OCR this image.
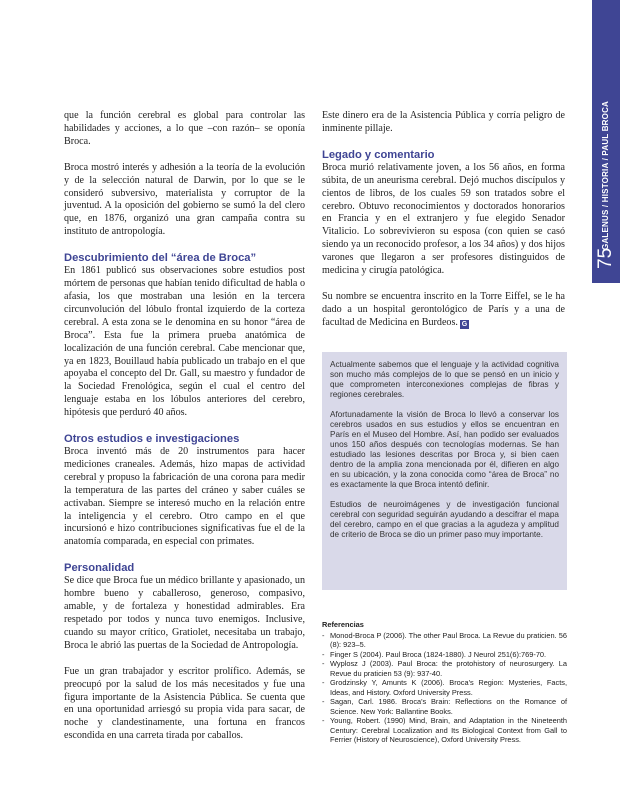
GALENUS / HISTORIA / PAUL BROCA
75

que la función cerebral es global para controlar las habilidades y acciones, a lo que –con razón– se oponía Broca.

Broca mostró interés y adhesión a la teoría de la evolución y de la selección natural de Darwin, por lo que se le consideró subversivo, materialista y corruptor de la juventud. A la oposición del gobierno se sumó la del clero que, en 1876, organizó una gran campaña contra su instituto de antropología.

Descubrimiento del “área de Broca”

En 1861 publicó sus observaciones sobre estudios post mórtem de personas que habían tenido dificultad de habla o afasia, los que mostraban una lesión en la tercera circunvolución del lóbulo frontal izquierdo de la corteza cerebral. A esta zona se le denomina en su honor “área de Broca”. Esta fue la primera prueba anatómica de localización de una función cerebral. Cabe mencionar que, ya en 1823, Bouillaud había publicado un trabajo en el que apoyaba el concepto del Dr. Gall, su maestro y fundador de la Sociedad Frenológica, según el cual el centro del lenguaje estaba en los lóbulos anteriores del cerebro, hipótesis que perduró 40 años.

Otros estudios e investigaciones

Broca inventó más de 20 instrumentos para hacer mediciones craneales. Además, hizo mapas de actividad cerebral y propuso la fabricación de una corona para medir la temperatura de las partes del cráneo y saber cuáles se activaban. Siempre se interesó mucho en la relación entre la inteligencia y el cerebro. Otro campo en el que incursionó e hizo contribuciones significativas fue el de la anatomía comparada, en especial con primates.

Personalidad

Se dice que Broca fue un médico brillante y apasionado, un hombre bueno y caballeroso, generoso, compasivo, amable, y de fortaleza y honestidad admirables. Era respetado por todos y nunca tuvo enemigos. Inclusive, cuando su mayor crítico, Gratiolet, necesitaba un trabajo, Broca le abrió las puertas de la Sociedad de Antropología.

Fue un gran trabajador y escritor prolífico. Además, se preocupó por la salud de los más necesitados y fue una figura importante de la Asistencia Pública. Se cuenta que en una oportunidad arriesgó su propia vida para sacar, de noche y clandestinamente, una fortuna en francos escondida en una carreta tirada por caballos.

Este dinero era de la Asistencia Pública y corría peligro de inminente pillaje.

Legado y comentario

Broca murió relativamente joven, a los 56 años, en forma súbita, de un aneurisma cerebral. Dejó muchos discípulos y cientos de libros, de los cuales 59 son tratados sobre el cerebro. Obtuvo reconocimientos y doctorados honorarios en Francia y en el extranjero y fue elegido Senador Vitalicio. Lo sobrevivieron su esposa (con quien se casó siendo ya un reconocido profesor, a los 34 años) y dos hijos varones que llegaron a ser profesores distinguidos de medicina y cirugía patológica.

Su nombre se encuentra inscrito en la Torre Eiffel, se le ha dado a un hospital gerontológico de París y a una de facultad de Medicina en Burdeos. G

Actualmente sabemos que el lenguaje y la actividad cognitiva son mucho más complejos de lo que se pensó en un inicio y que comprometen interconexiones complejas de fibras y regiones cerebrales.

Afortunadamente la visión de Broca lo llevó a conservar los cerebros usados en sus estudios y ellos se encuentran en París en el Museo del Hombre. Así, han podido ser evaluados unos 150 años después con tecnologías modernas. Se han estudiado las lesiones descritas por Broca y, si bien caen dentro de la amplia zona mencionada por él, difieren en algo en su ubicación, y la zona conocida como “área de Broca” no es exactamente la que Broca intentó definir.

Estudios de neuroimágenes y de investigación funcional cerebral con seguridad seguirán ayudando a descifrar el mapa del cerebro, campo en el que gracias a la agudeza y amplitud de criterio de Broca se dio un primer paso muy importante.

Referencias
- Monod-Broca P (2006). The other Paul Broca. La Revue du praticien. 56 (8): 923–5.
- Finger S (2004). Paul Broca (1824-1880). J Neurol 251(6):769-70.
- Wyplosz J (2003). Paul Broca: the protohistory of neurosurgery. La Revue du praticien 53 (9): 937-40.
- Grodzinsky Y, Amunts K (2006). Broca's Region: Mysteries, Facts, Ideas, and History. Oxford University Press.
- Sagan, Carl. 1986. Broca's Brain: Reflections on the Romance of Science. New York: Ballantine Books.
- Young, Robert. (1990) Mind, Brain, and Adaptation in the Nineteenth Century: Cerebral Localization and Its Biological Context from Gall to Ferrier (History of Neuroscience), Oxford University Press.
